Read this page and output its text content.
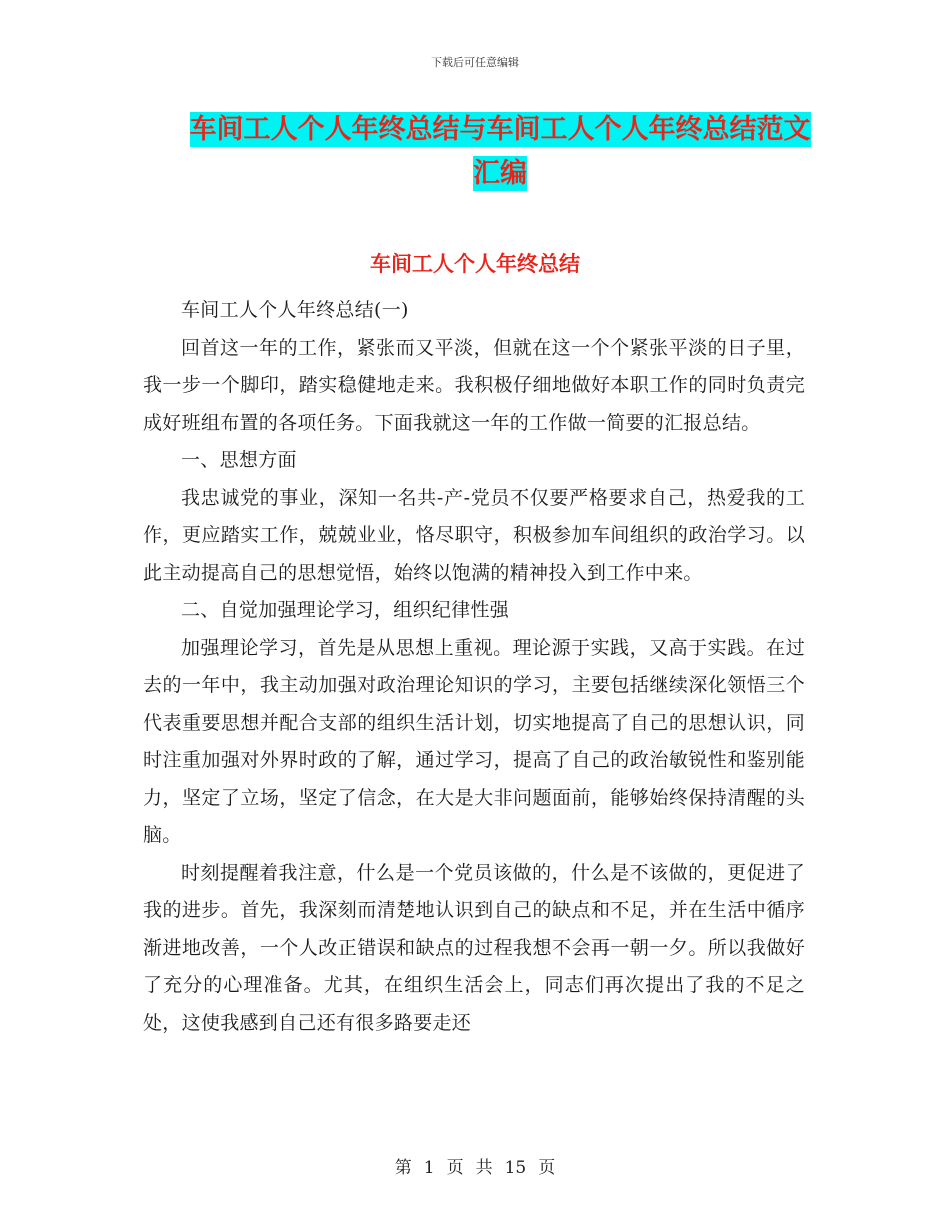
下载后可任意编辑
车间工人个人年终总结与车间工人个人年终总结范文
汇编
车间工人个人年终总结

车间工人个人年终总结(一)

回首这一年的工作，紧张而又平淡，但就在这一个个紧张平淡的日子里，我一步一个脚印，踏实稳健地走来。我积极仔细地做好本职工作的同时负责完成好班组布置的各项任务。下面我就这一年的工作做一简要的汇报总结。

一、思想方面

我忠诚党的事业，深知一名共-产-党员不仅要严格要求自己，热爱我的工作，更应踏实工作，兢兢业业，恪尽职守，积极参加车间组织的政治学习。以此主动提高自己的思想觉悟，始终以饱满的精神投入到工作中来。

二、自觉加强理论学习，组织纪律性强

加强理论学习，首先是从思想上重视。理论源于实践，又高于实践。在过去的一年中，我主动加强对政治理论知识的学习，主要包括继续深化领悟三个代表重要思想并配合支部的组织生活计划，切实地提高了自己的思想认识，同时注重加强对外界时政的了解，通过学习，提高了自己的政治敏锐性和鉴别能力，坚定了立场，坚定了信念，在大是大非问题面前，能够始终保持清醒的头脑。

时刻提醒着我注意，什么是一个党员该做的，什么是不该做的，更促进了我的进步。首先，我深刻而清楚地认识到自己的缺点和不足，并在生活中循序渐进地改善，一个人改正错误和缺点的过程我想不会再一朝一夕。所以我做好了充分的心理准备。尤其，在组织生活会上，同志们再次提出了我的不足之处，这使我感到自己还有很多路要走还

第 1 页 共 15 页
